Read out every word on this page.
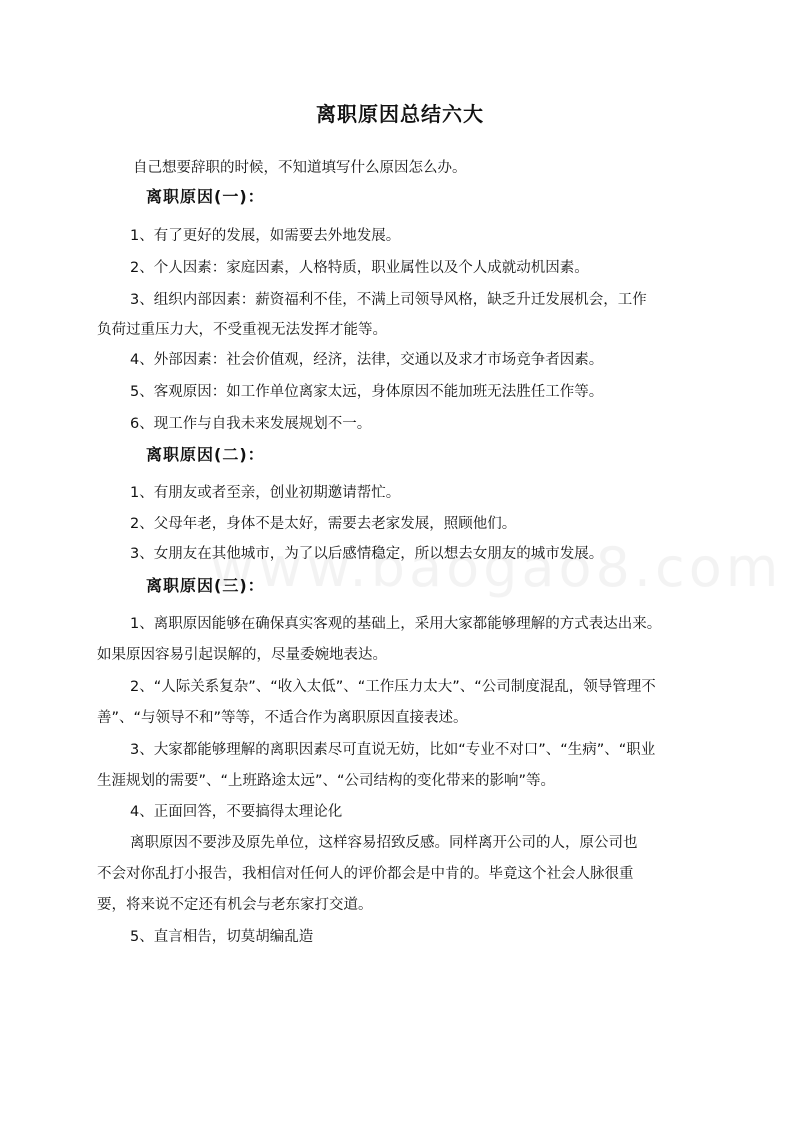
离职原因总结六大

自己想要辞职的时候，不知道填写什么原因怎么办。

离职原因(一)：

1、有了更好的发展，如需要去外地发展。

2、个人因素：家庭因素，人格特质，职业属性以及个人成就动机因素。

3、组织内部因素：薪资福利不佳，不满上司领导风格，缺乏升迁发展机会，工作

负荷过重压力大，不受重视无法发挥才能等。

4、外部因素：社会价值观，经济，法律，交通以及求才市场竞争者因素。

5、客观原因：如工作单位离家太远，身体原因不能加班无法胜任工作等。

6、现工作与自我未来发展规划不一。

离职原因(二)：

1、有朋友或者至亲，创业初期邀请帮忙。

2、父母年老，身体不是太好，需要去老家发展，照顾他们。

3、女朋友在其他城市，为了以后感情稳定，所以想去女朋友的城市发展。

离职原因(三)：

1、离职原因能够在确保真实客观的基础上，采用大家都能够理解的方式表达出来。

如果原因容易引起误解的，尽量委婉地表达。

2、“人际关系复杂”、“收入太低”、“工作压力太大”、“公司制度混乱，领导管理不

善”、“与领导不和”等等，不适合作为离职原因直接表述。

3、大家都能够理解的离职因素尽可直说无妨，比如“专业不对口”、“生病”、“职业

生涯规划的需要”、“上班路途太远”、“公司结构的变化带来的影响”等。

4、正面回答，不要搞得太理论化

离职原因不要涉及原先单位，这样容易招致反感。同样离开公司的人，原公司也

不会对你乱打小报告，我相信对任何人的评价都会是中肯的。毕竟这个社会人脉很重

要，将来说不定还有机会与老东家打交道。

5、直言相告，切莫胡编乱造
